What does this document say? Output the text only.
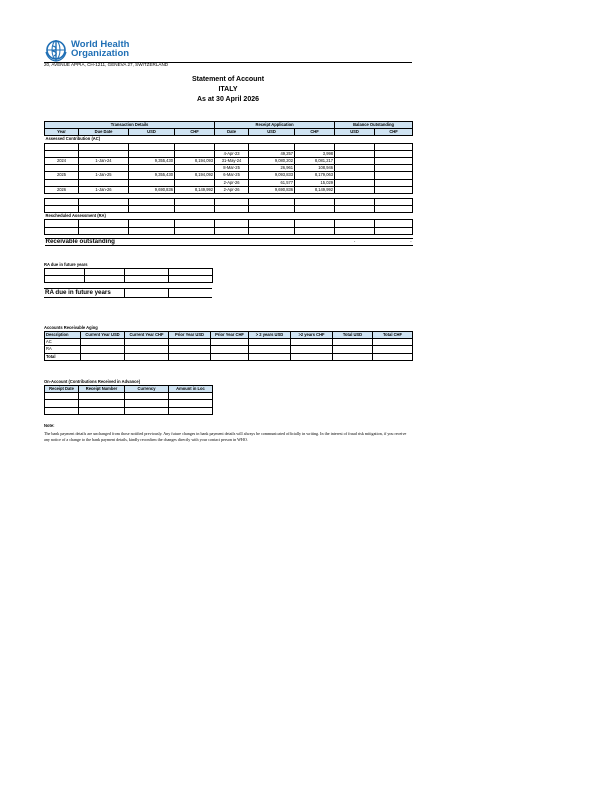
World Health
Organization
20, AVENUE APPIA, CH-1211, GENEVA 27, SWITZERLAND
Statement of Account
ITALY
As at 30 April 2026
Transaction Details				Receipt Application			Balance Outstanding	
Year	Due Date	USD	CHF	Date	USD	CHF	USD	CHF
Assessed Contribution (AC)								

				4-Apr-23	49,257	3,998		
2024	1-Jan-24	9,355,430	8,194,093	31-May-24	9,080,202	8,081,217		
				8-Mar-25	26,961	108,946		
2025	1-Jan-25	9,355,430	8,194,092	6-Mar-25	9,093,833	8,179,063		
				2-Apr-26	61,577	15,029		
2026	1-Jan-26	9,690,836	8,149,992	2-Apr-26	9,690,836	8,149,992		

Rescheduled Assessment (RA)								

Receivable outstanding							-	-
RA due in future years

RA due in future years		
Accounts Receivable Aging
Description	Current Year USD	Current Year CHF	Prior Year USD	Prior Year CHF	> 2 years USD	>2 years CHF	Total USD	Total CHF
AC								
RA								
Total								
On-Account (Contributions Received in Advance)
Receipt Date	Receipt Number	Currency	Amount in Loc

Note:
The bank payment details are unchanged from those notified previously. Any future changes in bank payment details will always be communicated officially in writing. In the interest of fraud risk mitigation, if you receive any notice of a change to the bank payment details, kindly reconfirm the changes directly with your contact person in WHO.
